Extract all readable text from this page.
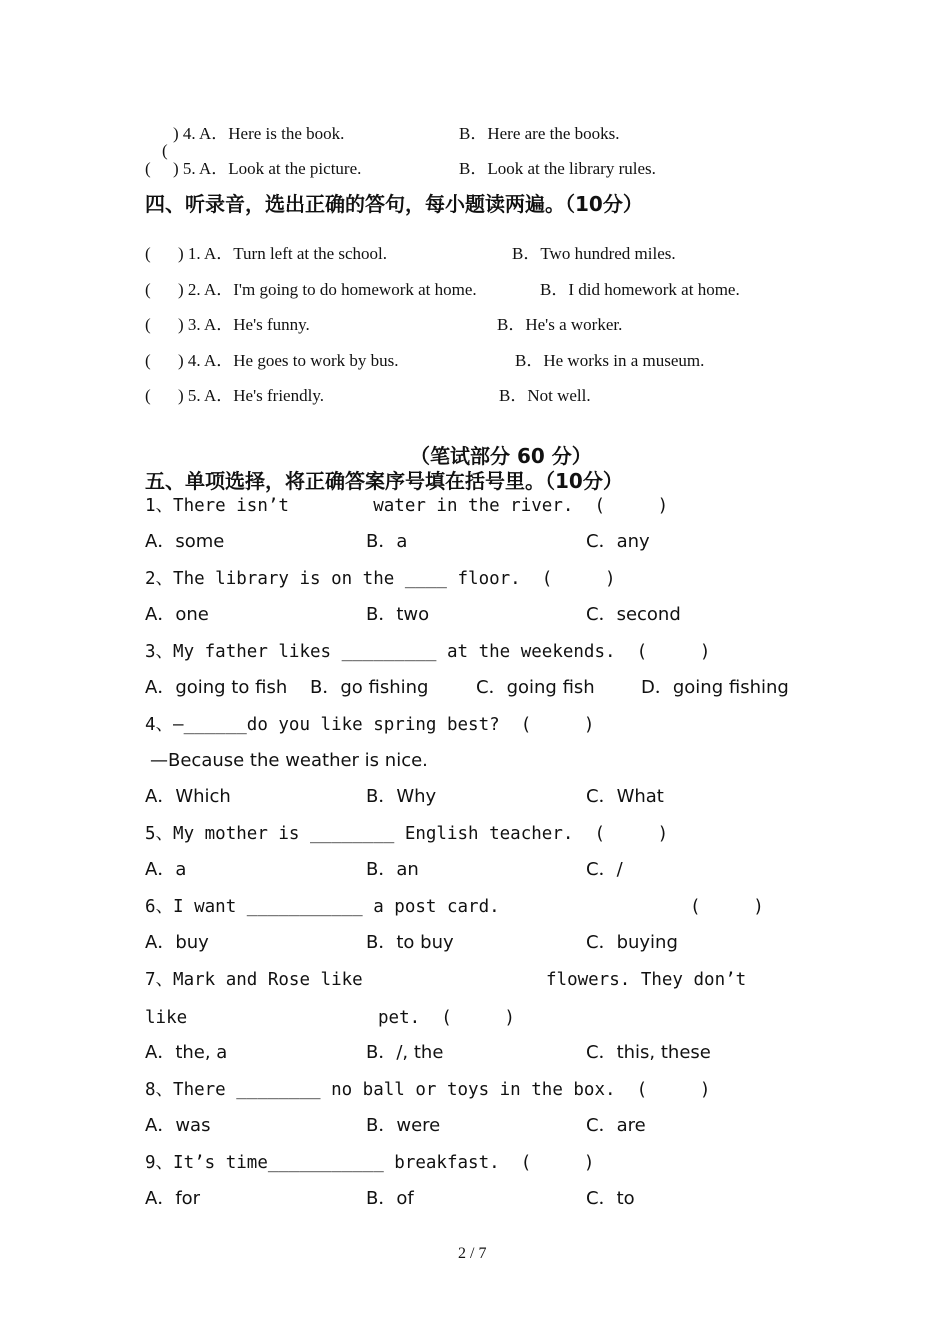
(

) 4. A．Here is the book.	B．Here are the books.
( ) 5. A．Look at the picture.	B．Look at the library rules.
四、听录音，选出正确的答句，每小题读两遍。（10分）
( ) 1. A．Turn left at the school.	B．Two hundred miles.
( ) 2. A．I'm going to do homework at home.	B．I did homework at home.
( ) 3. A．He's funny.	B．He's a worker.
( ) 4. A．He goes to work by bus.	B．He works in a museum.
( ) 5. A．He's friendly.	B．Not well.
（笔试部分 60 分）
五、单项选择，将正确答案序号填在括号里。（10分）
1、There isn’t        water in the river.  (     )
A．some	B．a	C．any
2、The library is on the ____ floor.  (     )
A．one	B．two	C．second
3、My father likes _________ at the weekends.  (     )
A．going to fish B．go fishing	C．going fish	D．going fishing
4、—______do you like spring best?  (     )
—Because the weather is nice.
A．Which	B．Why	C．What
5、My mother is ________ English teacher.  (     )
A．a	B．an	C．/
6、I want ___________ a post card.	(     )
A．buy	B．to buy	C．buying
7、Mark and Rose like	flowers. They don’t
like	pet.  (     )
A．the, a	B．/, the	C．this, these
8、There ________ no ball or toys in the box.  (     )
A．was	B．were	C．are
9、It’s time___________ breakfast.  (     )
A．for	B．of	C．to
2 / 7
